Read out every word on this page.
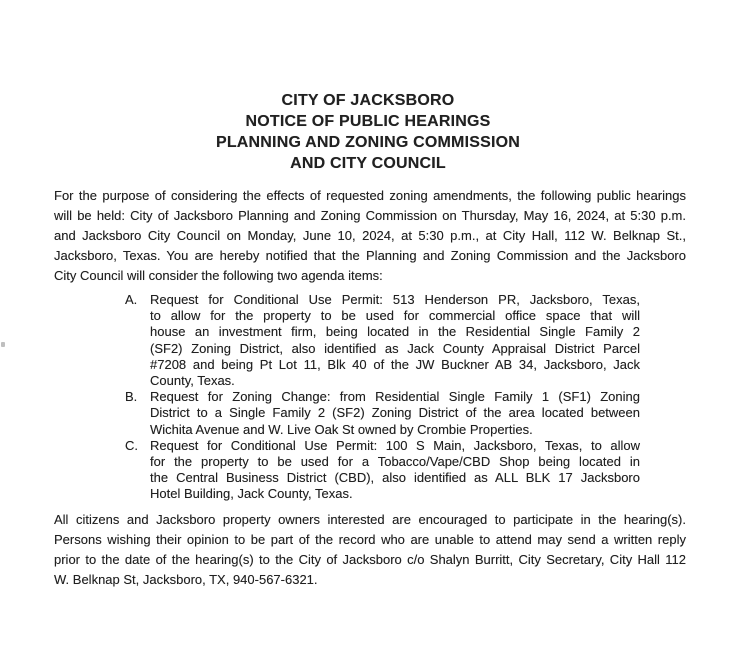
CITY OF JACKSBORO
NOTICE OF PUBLIC HEARINGS
PLANNING AND ZONING COMMISSION
AND CITY COUNCIL
For the purpose of considering the effects of requested zoning amendments, the following public hearings
will be held: City of Jacksboro Planning and Zoning Commission on Thursday, May 16, 2024, at 5:30 p.m.
and Jacksboro City Council on Monday, June 10, 2024, at 5:30 p.m., at City Hall, 112 W. Belknap St.,
Jacksboro, Texas. You are hereby notified that the Planning and Zoning Commission and the Jacksboro
City Council will consider the following two agenda items:
A. Request for Conditional Use Permit: 513 Henderson PR, Jacksboro, Texas,
to allow for the property to be used for commercial office space that will
house an investment firm, being located in the Residential Single Family 2
(SF2) Zoning District, also identified as Jack County Appraisal District Parcel
#7208 and being Pt Lot 11, Blk 40 of the JW Buckner AB 34, Jacksboro, Jack
County, Texas.
B. Request for Zoning Change: from Residential Single Family 1 (SF1) Zoning
District to a Single Family 2 (SF2) Zoning District of the area located between
Wichita Avenue and W. Live Oak St owned by Crombie Properties.
C. Request for Conditional Use Permit: 100 S Main, Jacksboro, Texas, to allow
for the property to be used for a Tobacco/Vape/CBD Shop being located in
the Central Business District (CBD), also identified as ALL BLK 17 Jacksboro
Hotel Building, Jack County, Texas.
All citizens and Jacksboro property owners interested are encouraged to participate in the hearing(s).
Persons wishing their opinion to be part of the record who are unable to attend may send a written reply
prior to the date of the hearing(s) to the City of Jacksboro c/o Shalyn Burritt, City Secretary, City Hall 112
W. Belknap St, Jacksboro, TX, 940-567-6321.
